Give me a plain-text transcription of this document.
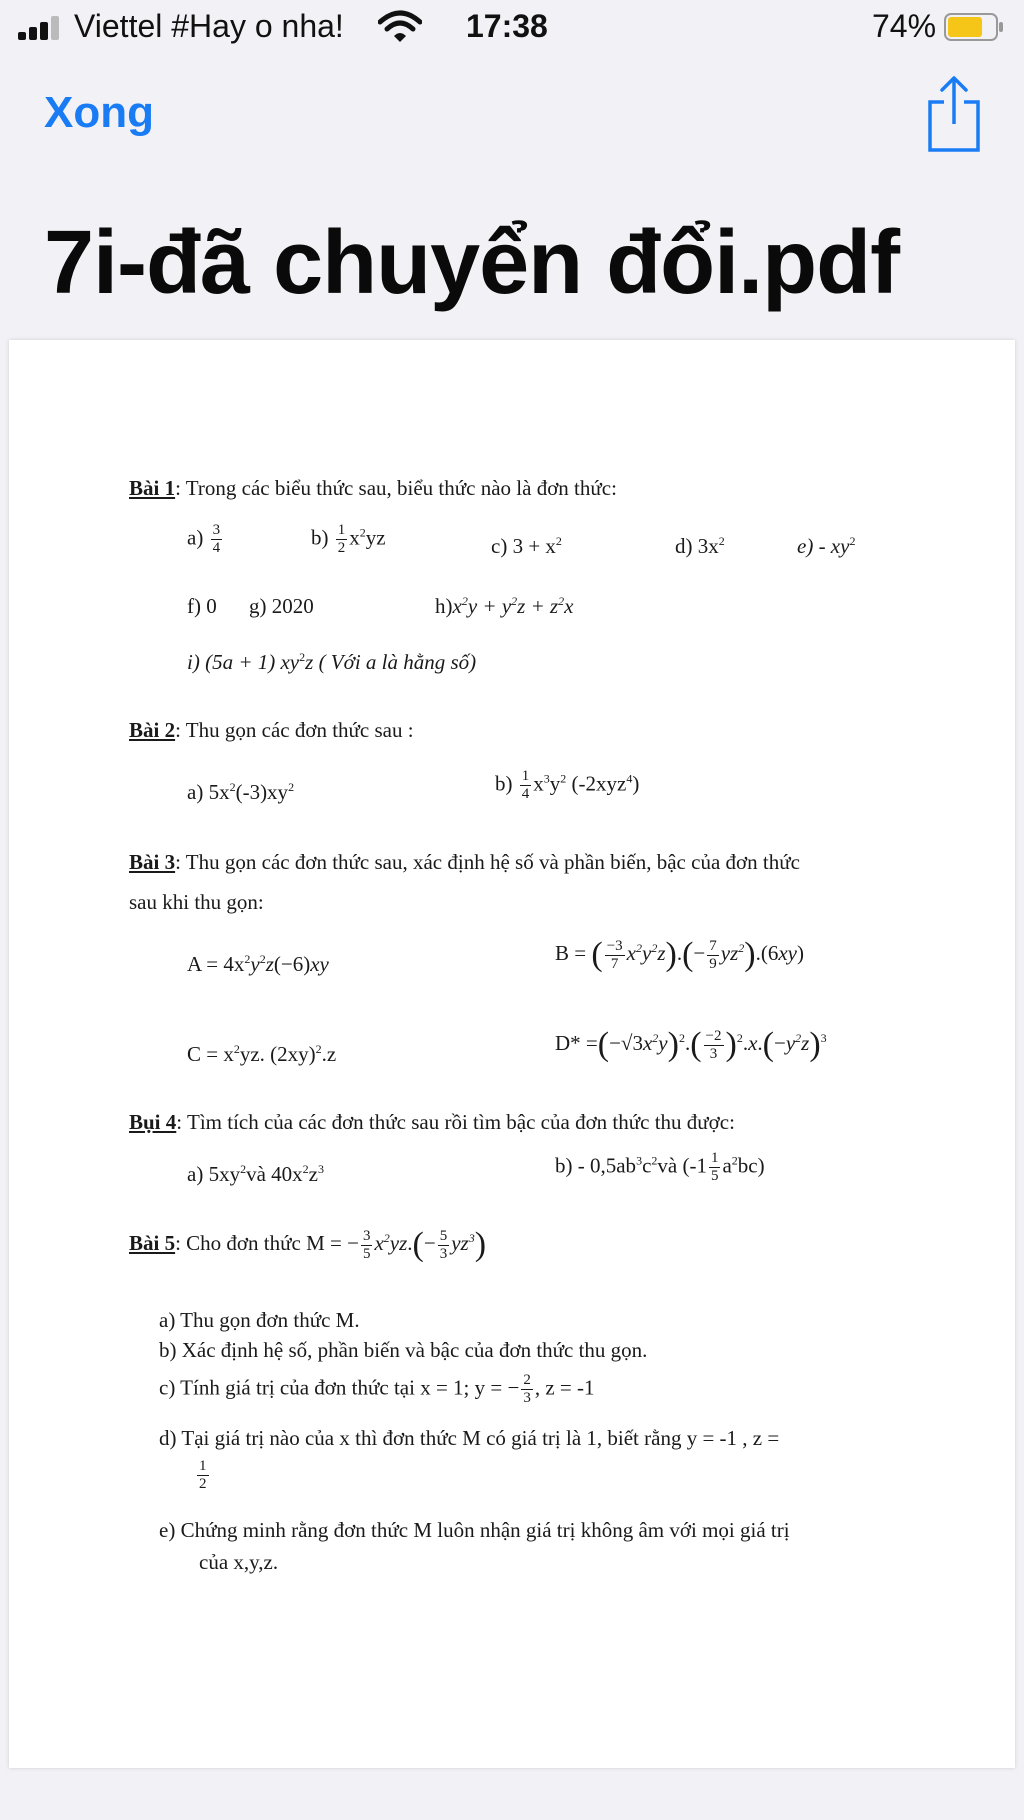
Viettel #Hay o nha!	17:38	74%
Xong
7i-đã chuyển đổi.pdf
Bài 1: Trong các biểu thức sau, biểu thức nào là đơn thức:
$a) \frac{3}{4}$	$b) \frac{1}{2} x^2yz$	c) $3 + x^2$	d) $3x^2$	$e) - xy^2$
f) 0 g) 2020	$h)x^2y + y^2z + z^2x$
i) (5a + 1) $xy^2z$ ( Với a là hằng số)
Bài 2: Thu gọn các đơn thức sau :
a) $5x^2(-3)xy^2$	$b) \frac{1}{4} x^3y^2$ (-2xyz$^4$)
Bài 3: Thu gọn các đơn thức sau, xác định hệ số và phần biến, bậc của đơn thức
sau khi thu gọn:
$A = 4x^2y^2z(-6)xy$	B = ( $\frac{-3}{7} x^2y^2z).(- \frac{7}{9} yz^2).(6xy)$
$C = x^2yz$. $(2xy)^2.z$	$D* =(-√3x^2y)^2.( \frac{-2}{3} )^2.x.(-y^2z)^3$
Bụi 4: Tìm tích của các đơn thức sau rồi tìm bậc của đơn thức thu được:
a) $5xy^2và$ $40x^2z^3$	$b) - 0,5ab^3c^2và$ $(-1 \frac{1}{5} a^2bc)$
Bài 5: Cho đơn thức M = − $\frac{3}{5} x^2yz.(- \frac{5}{3} yz^3)$
a) Thu gọn đơn thức M.
b) Xác định hệ số, phần biến và bậc của đơn thức thu gọn.
c) Tính giá trị của đơn thức tại x = 1; y = − $\frac{2}{3}$ , z = -1
d) Tại giá trị nào của x thì đơn thức M có giá trị là 1, biết rằng y = -1 , z =
$\frac{1}{2}$
e) Chứng minh rằng đơn thức M luôn nhận giá trị không âm với mọi giá trị
của x,y,z.
